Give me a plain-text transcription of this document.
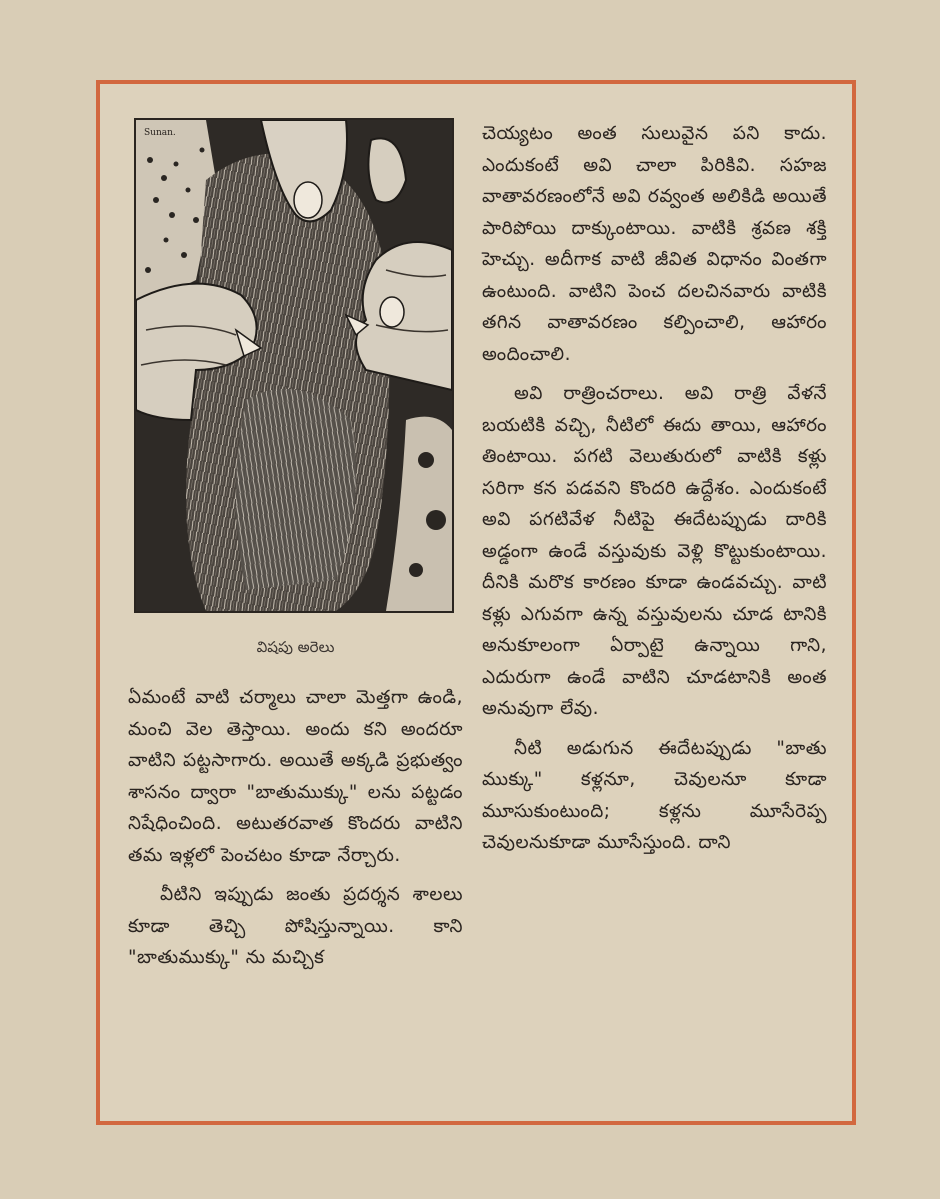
Sunan.
విషపు అరెలు

ఏమంటే వాటి చర్మాలు చాలా మెత్తగా ఉండి, మంచి వెల తెస్తాయి. అందు కని అందరూ వాటిని పట్టసాగారు. అయితే అక్కడి ప్రభుత్వం శాసనం ద్వారా "బాతుముక్కు" లను పట్టడం నిషేధించింది. అటుతరవాత కొందరు వాటిని తమ ఇళ్లలో పెంచటం కూడా నేర్చారు.

వీటిని ఇప్పుడు జంతు ప్రదర్శన శాలలు కూడా తెచ్చి పోషిస్తున్నాయి. కాని "బాతుముక్కు" ను మచ్చిక

చెయ్యటం అంత సులువైన పని కాదు. ఎందుకంటే అవి చాలా పిరికివి. సహజ వాతావరణంలోనే అవి రవ్వంత అలికిడి అయితే పారిపోయి దాక్కుంటాయి. వాటికి శ్రవణ శక్తి హెచ్చు. అదీగాక వాటి జీవిత విధానం వింతగా ఉంటుంది. వాటిని పెంచ దలచినవారు వాటికి తగిన వాతావరణం కల్పించాలి, ఆహారం అందించాలి.

అవి రాత్రించరాలు. అవి రాత్రి వేళనే బయటికి వచ్చి, నీటిలో ఈదు తాయి, ఆహారం తింటాయి. పగటి వెలుతురులో వాటికి కళ్లు సరిగా కన పడవని కొందరి ఉద్దేశం. ఎందుకంటే అవి పగటివేళ నీటిపై ఈదేటప్పుడు దారికి అడ్డంగా ఉండే వస్తువుకు వెళ్లి కొట్టుకుంటాయి. దీనికి మరొక కారణం కూడా ఉండవచ్చు. వాటి కళ్లు ఎగువగా ఉన్న వస్తువులను చూడ టానికి అనుకూలంగా ఏర్పాటై ఉన్నాయి గాని, ఎదురుగా ఉండే వాటిని చూడటానికి అంత అనువుగా లేవు.

నీటి అడుగున ఈదేటప్పుడు "బాతు ముక్కు" కళ్లనూ, చెవులనూ కూడా మూసుకుంటుంది; కళ్లను మూసేరెప్ప చెవులనుకూడా మూసేస్తుంది. దాని
